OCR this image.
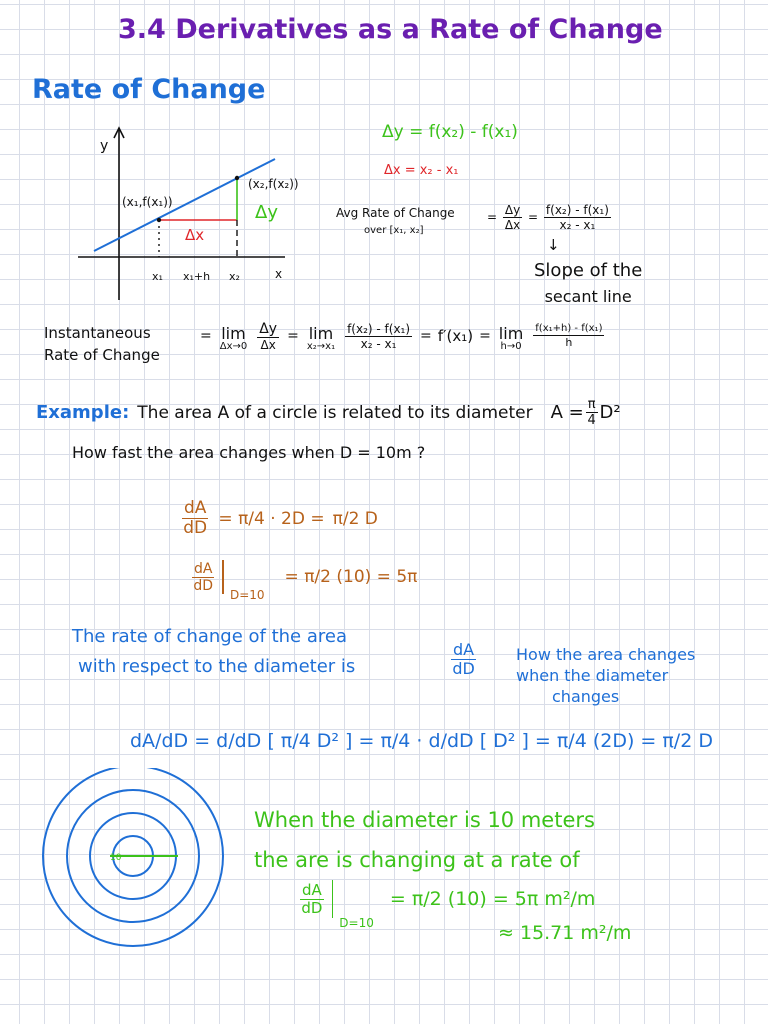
3.4 Derivatives as a Rate of Change
Rate of Change
y
x
(x₁,f(x₁))
(x₂,f(x₂))
Δx
Δy
x₁ x₁+h x₂
Δy = f(x₂) - f(x₁)
Δx = x₂ - x₁
Avg Rate of Change
over [x₁, x₂]
= $\frac{\Delta y}{\Delta x} = \frac{\text{f(x₂) - f(x₁)}}{\text{x₂ - x₁}}$
↓
Slope of the
secant line
Instantaneous
Rate of Change
= lim
$\Delta x\to 0 \frac{\Delta y}{\Delta x} = \lim$
$x_2\to x_1 \frac{\text{f(x₂) - f(x₁)}}{\text{x₂ - x₁}} = f'(x_1) = \lim$
$h\to 0 \frac{\text{f(x₁+h) - f(x₁)}}{h}$
Example: The area A of a circle is related to its diameter $A = \frac{\pi}{4} D^2$
How fast the area changes when D = 10m ?
$\frac{dA}{dD} = \pi/4 \cdot 2D = \pi/2$ D
$\frac{dA}{dD}$
D=10
= π/2 (10) = 5π
The rate of change of the area
with respect to the diameter is	$\frac{dA}{dD}$ How the area changes
when the diameter
changes
dA/dD = d/dD [ π/4 D² ] = π/4 · d/dD [ D² ] = π/4 (2D) = π/2 D
10
When the diameter is 10 meters
the are is changing at a rate of
$\frac{dA}{dD}$
D=10
= π/2 (10) = 5π m²/m
≈ 15.71 m²/m
